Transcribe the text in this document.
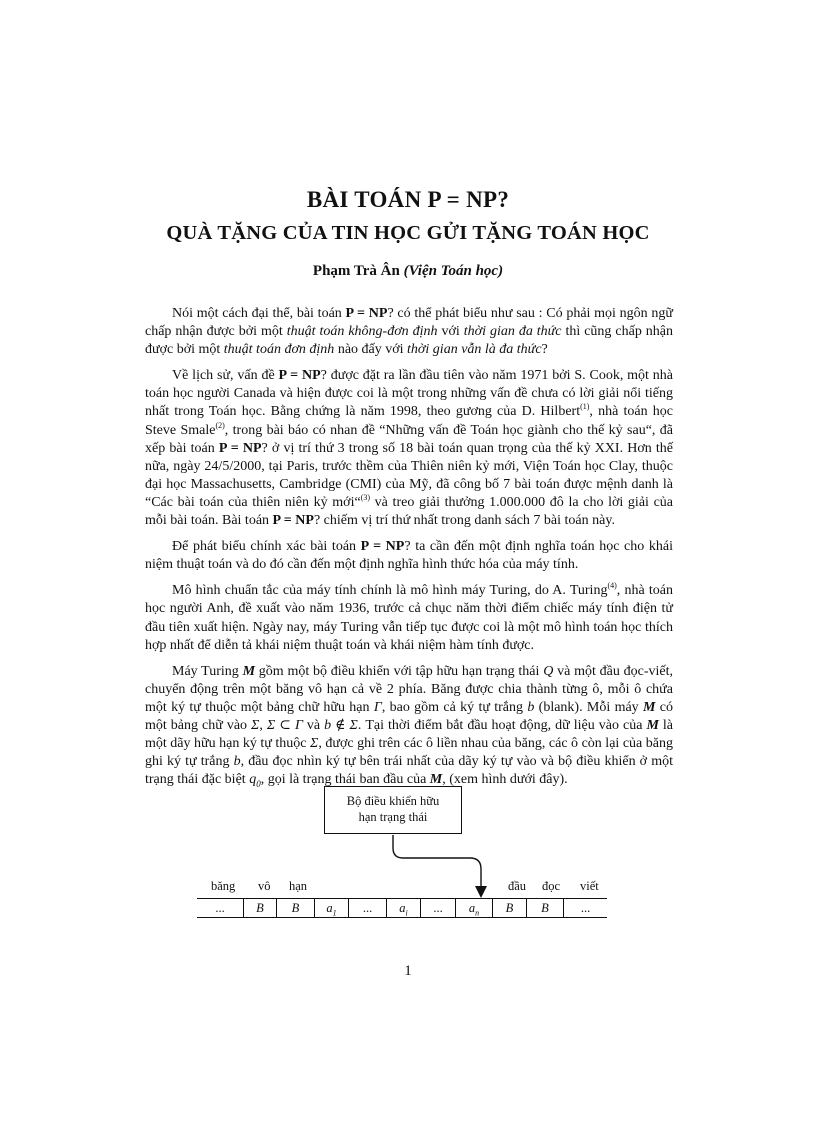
BÀI TOÁN P = NP?
QUÀ TẶNG CỦA TIN HỌC GỬI TẶNG TOÁN HỌC
Phạm Trà Ân (Viện Toán học)

Nói một cách đại thể, bài toán P = NP? có thể phát biểu như sau : Có phải mọi ngôn ngữ chấp nhận được bởi một thuật toán không-đơn định với thời gian đa thức thì cũng chấp nhận được bởi một thuật toán đơn định nào đấy với thời gian vẫn là đa thức?

Về lịch sử, vấn đề P = NP? được đặt ra lần đầu tiên vào năm 1971 bởi S. Cook, một nhà toán học người Canada và hiện được coi là một trong những vấn đề chưa có lời giải nổi tiếng nhất trong Toán học. Bằng chứng là năm 1998, theo gương của D. Hilbert$^{(1)}$, nhà toán học Steve Smale$^{(2)}$, trong bài báo có nhan đề “Những vấn đề Toán học giành cho thế kỷ sau“, đã xếp bài toán P = NP? ở vị trí thứ 3 trong số 18 bài toán quan trọng của thế kỷ XXI. Hơn thế nữa, ngày 24/5/2000, tại Paris, trước thềm của Thiên niên kỷ mới, Viện Toán học Clay, thuộc đại học Massachusetts, Cambridge (CMI) của Mỹ, đã công bố 7 bài toán được mệnh danh là “Các bài toán của thiên niên kỷ mới“$^{(3)}$ và treo giải thưởng 1.000.000 đô la cho lời giải của mỗi bài toán. Bài toán P = NP? chiếm vị trí thứ nhất trong danh sách 7 bài toán này.

Để phát biểu chính xác bài toán P = NP? ta cần đến một định nghĩa toán học cho khái niệm thuật toán và do đó cần đến một định nghĩa hình thức hóa của máy tính.

Mô hình chuẩn tắc của máy tính chính là mô hình máy Turing, do A. Turing$^{(4)}$, nhà toán học người Anh, đề xuất vào năm 1936, trước cả chục năm thời điểm chiếc máy tính điện tử đầu tiên xuất hiện. Ngày nay, máy Turing vẫn tiếp tục được coi là một mô hình toán học thích hợp nhất để diễn tả khái niệm thuật toán và khái niệm hàm tính được.

Máy Turing M gồm một bộ điều khiển với tập hữu hạn trạng thái Q và một đầu đọc-viết, chuyển động trên một băng vô hạn cả về 2 phía. Băng được chia thành từng ô, mỗi ô chứa một ký tự thuộc một bảng chữ hữu hạn Γ, bao gồm cả ký tự trắng b (blank). Mỗi máy M có một bảng chữ vào Σ, Σ ⊂ Γ và b ∉ Σ. Tại thời điểm bắt đầu hoạt động, dữ liệu vào của M là một dãy hữu hạn ký tự thuộc Σ, được ghi trên các ô liền nhau của băng, các ô còn lại của băng ghi ký tự trắng b, đầu đọc nhìn ký tự bên trái nhất của dãy ký tự vào và bộ điều khiển ở một trạng thái đặc biệt $q_0$, gọi là trạng thái ban đầu của M, (xem hình dưới đây).

Bộ điều khiển hữu
hạn trạng thái
băng vô hạn	đầu đọc viết
...	B	B	$a_1$	...	$a_i$	...	$a_n$	B	B	...
1
